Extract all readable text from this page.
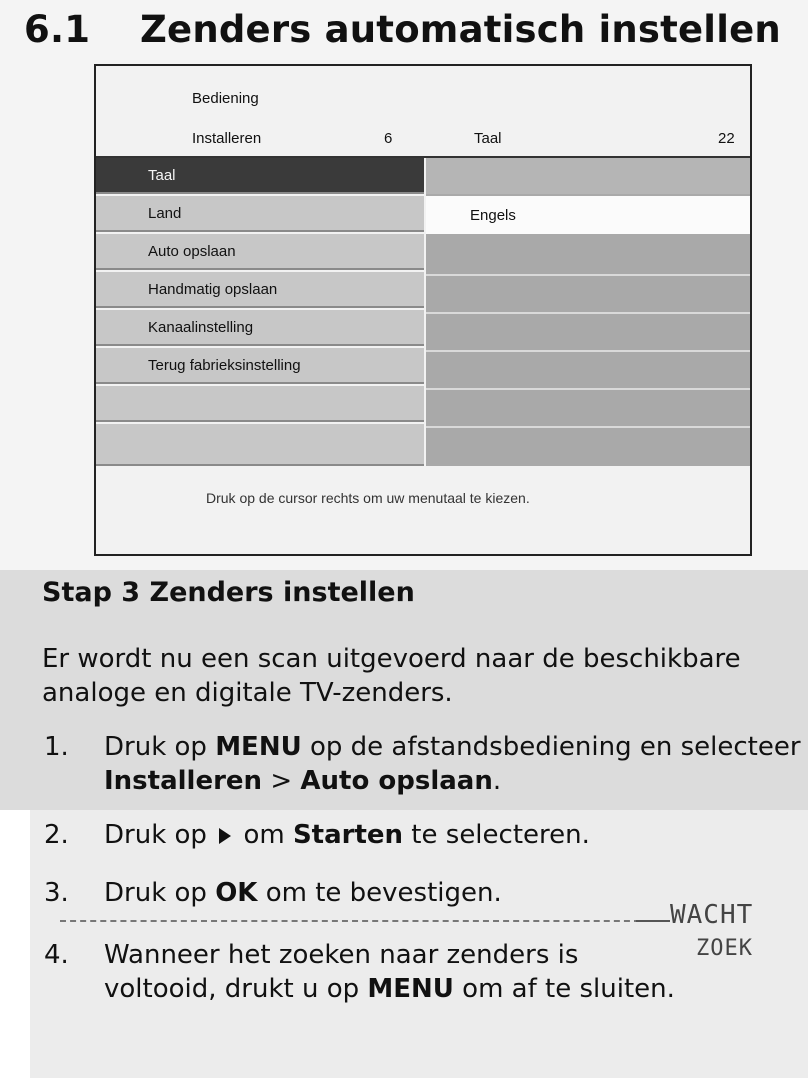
6.1 Zenders automatisch instellen
Bediening
Installeren	6	Taal	22
Taal
Land
Auto opslaan
Handmatig opslaan
Kanaalinstelling
Terug fabrieksinstelling
Engels
Druk op de cursor rechts om uw menutaal te kiezen.
Stap 3 Zenders instellen
Er wordt nu een scan uitgevoerd naar de beschikbare analoge en digitale TV-zenders.
1. Druk op MENU op de afstandsbediening en selecteer Installeren > Auto opslaan.
2. Druk op  om Starten te selecteren.
3. Druk op OK om te bevestigen.
4. Wanneer het zoeken naar zenders is voltooid, drukt u op MENU om af te sluiten.
WACHT
ZOEK
